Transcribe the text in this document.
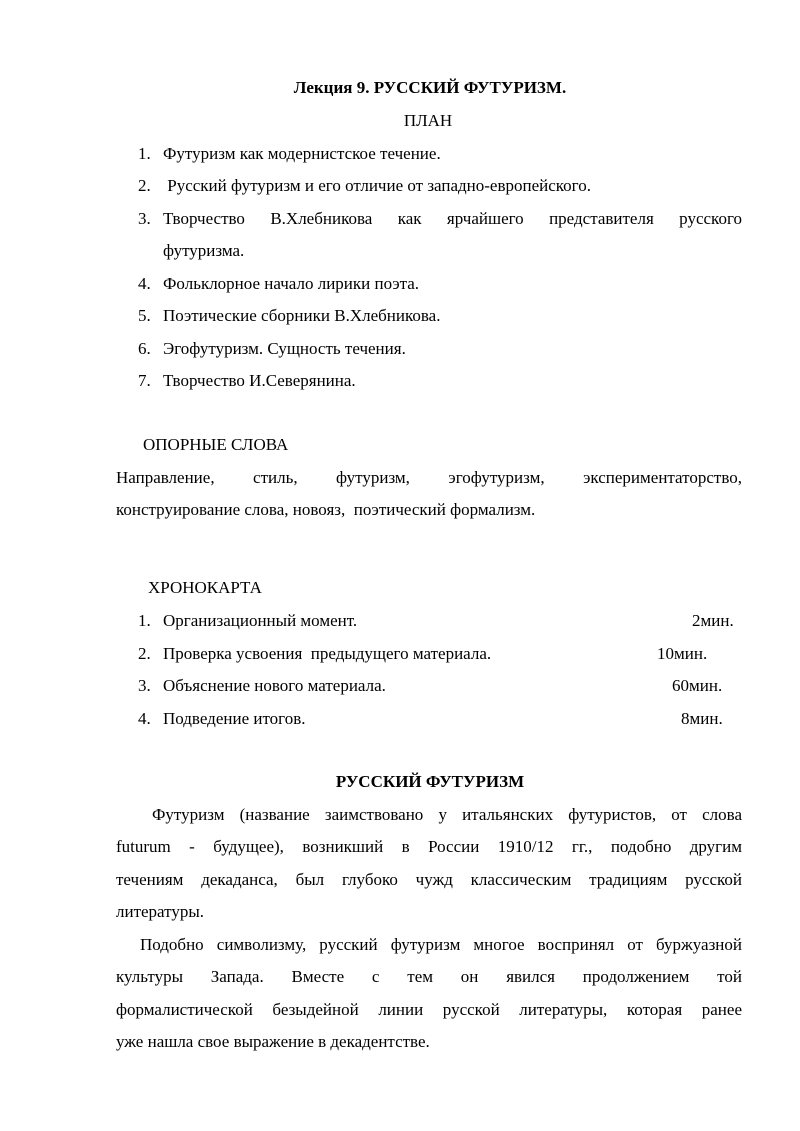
Лекция 9. РУССКИЙ ФУТУРИЗМ.
ПЛАН
1. Футуризм как модернистское течение.
2. Русский футуризм и его отличие от западно-европейского.
3. Творчество В.Хлебникова как ярчайшего представителя русского
футуризма.
4. Фольклорное начало лирики поэта.
5. Поэтические сборники В.Хлебникова.
6. Эгофутуризм. Сущность течения.
7. Творчество И.Северянина.
ОПОРНЫЕ СЛОВА
Направление, стиль, футуризм, эгофутуризм, экспериментаторство,
конструирование слова, новояз,  поэтический формализм.
ХРОНОКАРТА
1. Организационный момент.	2мин.
2. Проверка усвоения  предыдущего материала.	10мин.
3. Объяснение нового материала.	60мин.
4. Подведение итогов.	8мин.
РУССКИЙ ФУТУРИЗМ
Футуризм (название заимствовано у итальянских футуристов, от слова
futurum - будущее), возникший в России 1910/12 гг., подобно другим
течениям декаданса, был глубоко чужд классическим традициям русской
литературы.
Подобно символизму, русский футуризм многое воспринял от буржуазной
культуры Запада. Вместе с тем он явился продолжением той
формалистической безыдейной линии русской литературы, которая ранее
уже нашла свое выражение в декадентстве.
